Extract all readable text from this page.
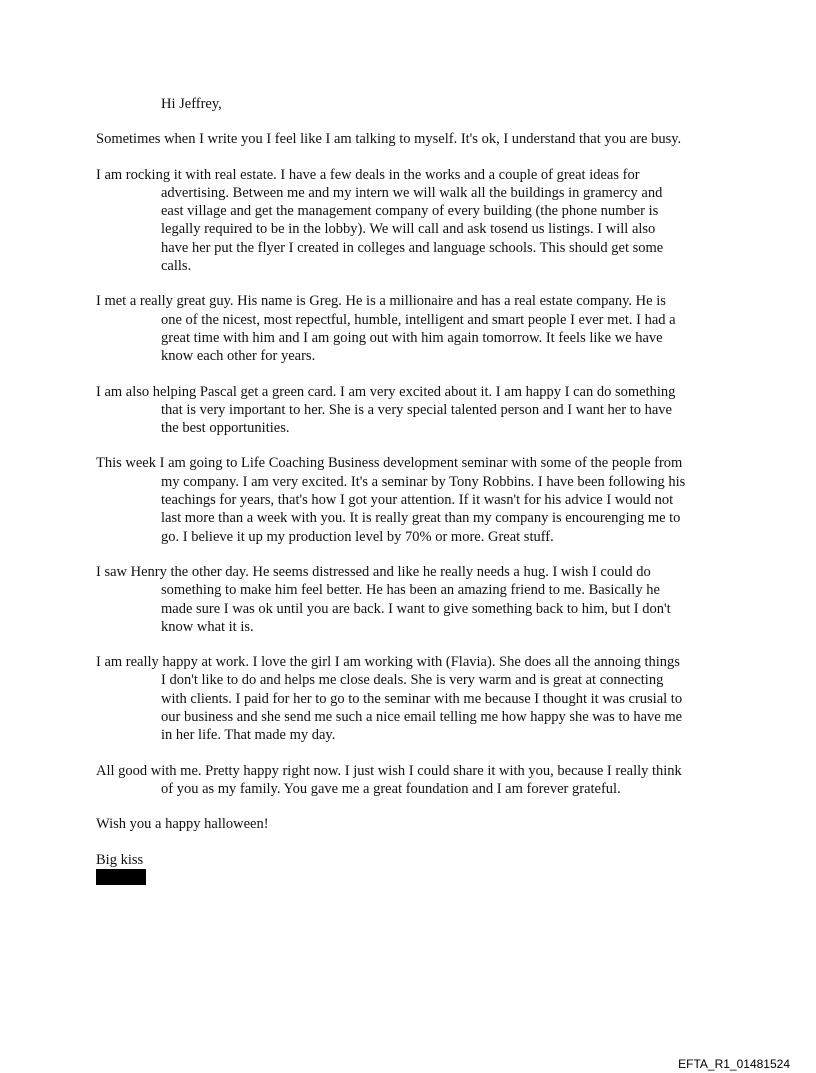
Hi Jeffrey,

Sometimes when I write you I feel like I am talking to myself. It's ok, I understand that you are busy.

I am rocking it with real estate. I have a few deals in the works and a couple of great ideas for advertising. Between me and my intern we will walk all the buildings in gramercy and east village and get the management company of every building (the phone number is legally required to be in the lobby). We will call and ask tosend us listings. I will also have her put the flyer I created in colleges and language schools. This should get some calls.

I met a really great guy. His name is Greg. He is a millionaire and has a real estate company. He is one of the nicest, most repectful, humble, intelligent and smart people I ever met. I had a great time with him and I am going out with him again tomorrow. It feels like we have know each other for years.

I am also helping Pascal get a green card. I am very excited about it. I am happy I can do something that is very important to her. She is a very special talented person and I want her to have the best opportunities.

This week I am going to Life Coaching Business development seminar with some of the people from my company. I am very excited. It's a seminar by Tony Robbins. I have been following his teachings for years, that's how I got your attention. If it wasn't for his advice I would not last more than a week with you. It is really great than my company is encourenging me to go. I believe it up my production level by 70% or more. Great stuff.

I saw Henry the other day. He seems distressed and like he really needs a hug. I wish I could do something to make him feel better. He has been an amazing friend to me. Basically he made sure I was ok until you are back. I want to give something back to him, but I don't know what it is.

I am really happy at work. I love the girl I am working with (Flavia). She does all the annoing things I don't like to do and helps me close deals. She is very warm and is great at connecting with clients. I paid for her to go to the seminar with me because I thought it was crusial to our business and she send me such a nice email telling me how happy she was to have me in her life. That made my day.

All good with me. Pretty happy right now. I just wish I could share it with you, because I really think of you as my family. You gave me a great foundation and I am forever grateful.

Wish you a happy halloween!

Big kiss

EFTA_R1_01481524
